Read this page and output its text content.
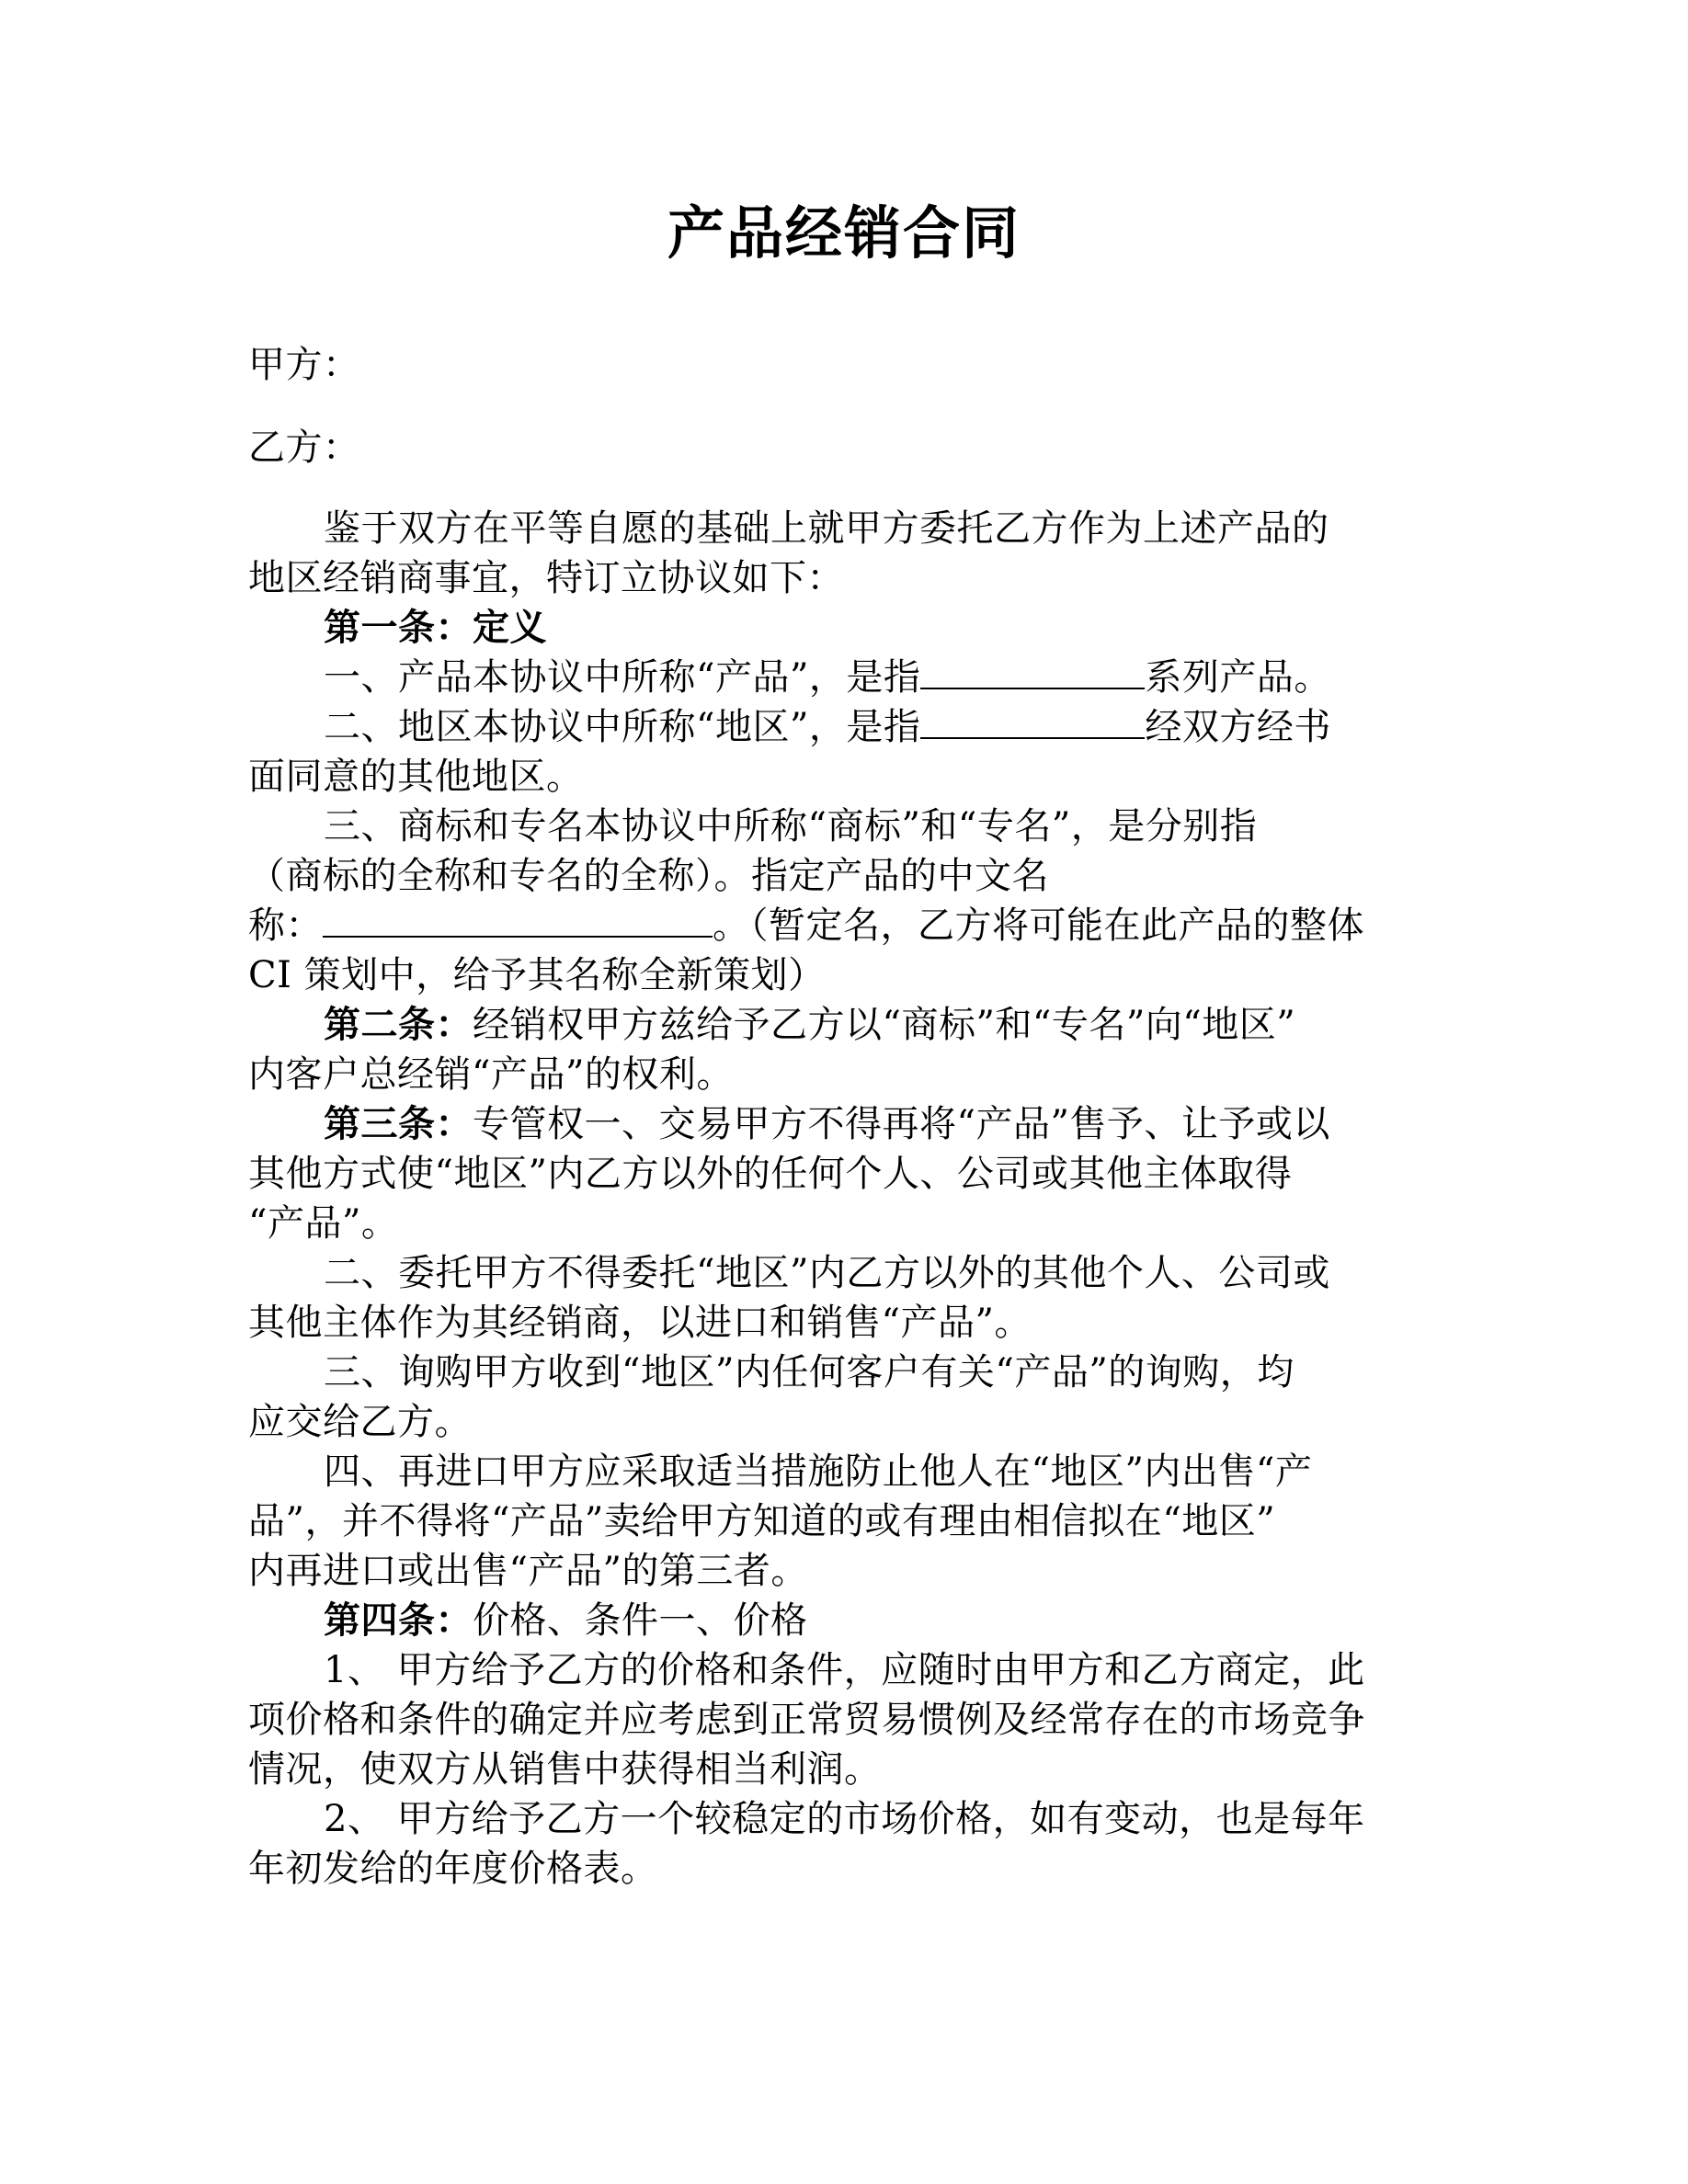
产品经销合同
甲方：
乙方：
鉴于双方在平等自愿的基础上就甲方委托乙方作为上述产品的
地区经销商事宜，特订立协议如下：
第一条：定义
一、产品本协议中所称“产品”，是指	系列产品。
二、地区本协议中所称“地区”，是指	经双方经书
面同意的其他地区。
三、商标和专名本协议中所称“商标”和“专名”，是分别指
（商标的全称和专名的全称）。指定产品的中文名
称：	。（暂定名，乙方将可能在此产品的整体
CI 策划中，给予其名称全新策划）
第二条：经销权甲方兹给予乙方以“商标”和“专名”向“地区”
内客户总经销“产品”的权利。
第三条：专管权一、交易甲方不得再将“产品”售予、让予或以
其他方式使“地区”内乙方以外的任何个人、公司或其他主体取得
“产品”。
二、委托甲方不得委托“地区”内乙方以外的其他个人、公司或
其他主体作为其经销商，以进口和销售“产品”。
三、询购甲方收到“地区”内任何客户有关“产品”的询购，均
应交给乙方。
四、再进口甲方应采取适当措施防止他人在“地区”内出售“产
品”，并不得将“产品”卖给甲方知道的或有理由相信拟在“地区”
内再进口或出售“产品”的第三者。
第四条：价格、条件一、价格
1、 甲方给予乙方的价格和条件，应随时由甲方和乙方商定，此
项价格和条件的确定并应考虑到正常贸易惯例及经常存在的市场竞争
情况，使双方从销售中获得相当利润。
2、 甲方给予乙方一个较稳定的市场价格，如有变动，也是每年
年初发给的年度价格表。
